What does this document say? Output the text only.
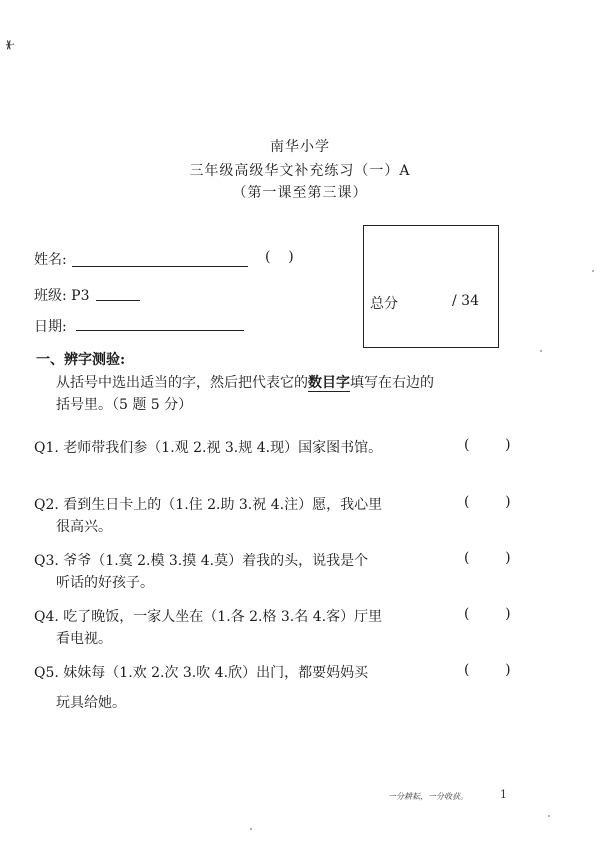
ᚕ·
南华小学
三年级高级华文补充练习（一）A
（第一课至第三课）
姓名:	(    )
班级: P3
日期:
总分	/ 34
一、辨字测验:
从括号中选出适当的字，然后把代表它的数目字填写在右边的
括号里。（5 题 5 分）
Q1. 老师带我们参（1.观 2.视 3.规 4.现）国家图书馆。	(        )
Q2. 看到生日卡上的（1.住 2.助 3.祝 4.注）愿，我心里
很高兴。
(        )
Q3. 爷爷（1.寞 2.模 3.摸 4.莫）着我的头，说我是个
听话的好孩子。
(        )
Q4. 吃了晚饭，一家人坐在（1.各 2.格 3.名 4.客）厅里
看电视。
(        )
Q5. 妹妹每（1.欢 2.次 3.吹 4.欣）出门，都要妈妈买
玩具给她。
(        )
一分耕耘，一分收获。	1
